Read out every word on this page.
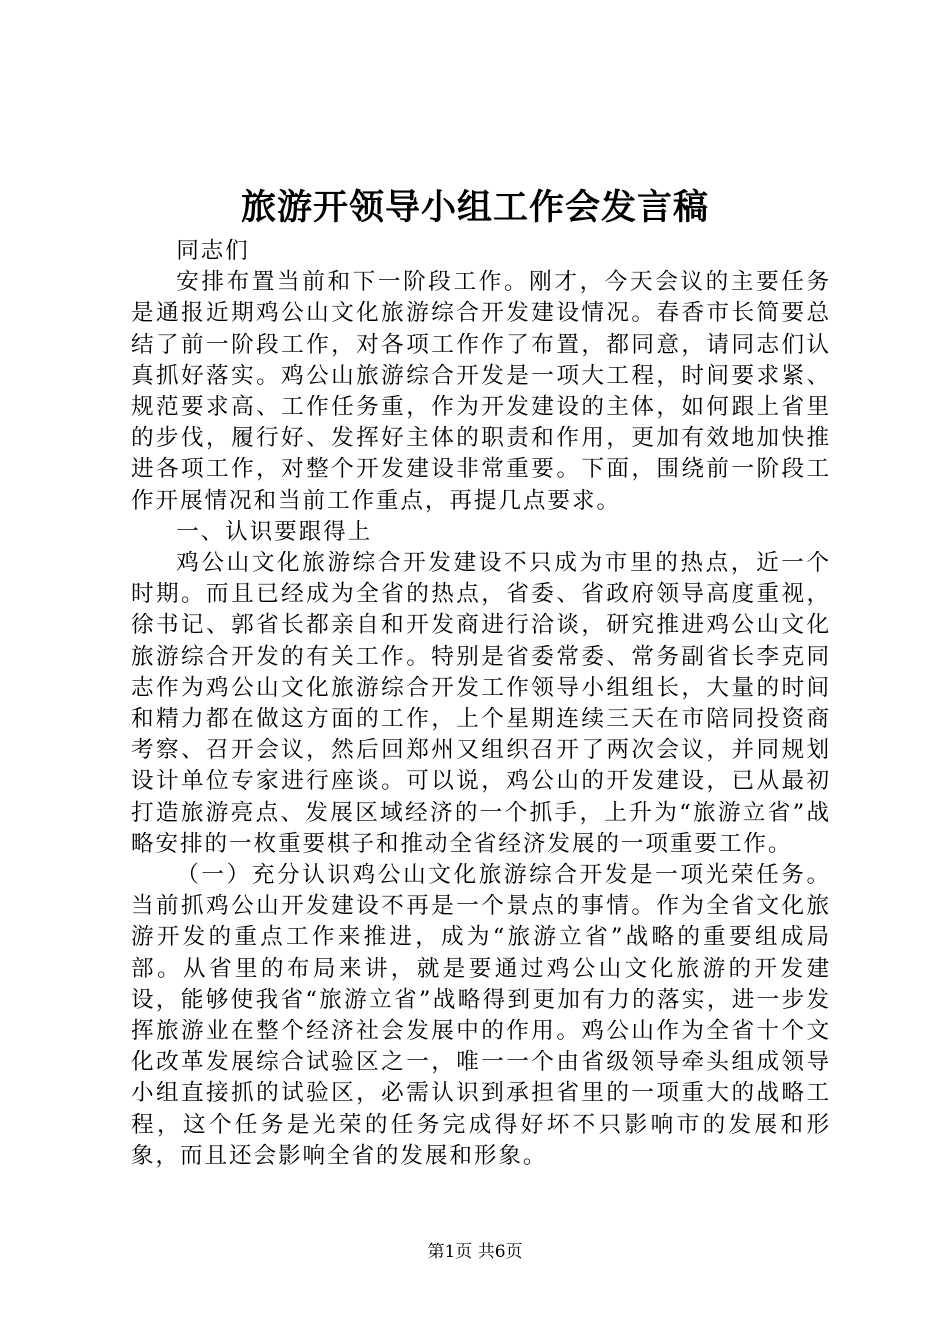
旅游开领导小组工作会发言稿

同志们

安排布置当前和下一阶段工作。刚才，今天会议的主要任务是通报近期鸡公山文化旅游综合开发建设情况。春香市长简要总结了前一阶段工作，对各项工作作了布置，都同意，请同志们认真抓好落实。鸡公山旅游综合开发是一项大工程，时间要求紧、规范要求高、工作任务重，作为开发建设的主体，如何跟上省里的步伐，履行好、发挥好主体的职责和作用，更加有效地加快推进各项工作，对整个开发建设非常重要。下面，围绕前一阶段工作开展情况和当前工作重点，再提几点要求。

一、认识要跟得上

鸡公山文化旅游综合开发建设不只成为市里的热点，近一个时期。而且已经成为全省的热点，省委、省政府领导高度重视，徐书记、郭省长都亲自和开发商进行洽谈，研究推进鸡公山文化旅游综合开发的有关工作。特别是省委常委、常务副省长李克同志作为鸡公山文化旅游综合开发工作领导小组组长，大量的时间和精力都在做这方面的工作，上个星期连续三天在市陪同投资商考察、召开会议，然后回郑州又组织召开了两次会议，并同规划设计单位专家进行座谈。可以说，鸡公山的开发建设，已从最初打造旅游亮点、发展区域经济的一个抓手，上升为“旅游立省”战略安排的一枚重要棋子和推动全省经济发展的一项重要工作。

（一）充分认识鸡公山文化旅游综合开发是一项光荣任务。当前抓鸡公山开发建设不再是一个景点的事情。作为全省文化旅游开发的重点工作来推进，成为“旅游立省”战略的重要组成局部。从省里的布局来讲，就是要通过鸡公山文化旅游的开发建设，能够使我省“旅游立省”战略得到更加有力的落实，进一步发挥旅游业在整个经济社会发展中的作用。鸡公山作为全省十个文化改革发展综合试验区之一，唯一一个由省级领导牵头组成领导小组直接抓的试验区，必需认识到承担省里的一项重大的战略工程，这个任务是光荣的任务完成得好坏不只影响市的发展和形象，而且还会影响全省的发展和形象。

第1页 共6页
